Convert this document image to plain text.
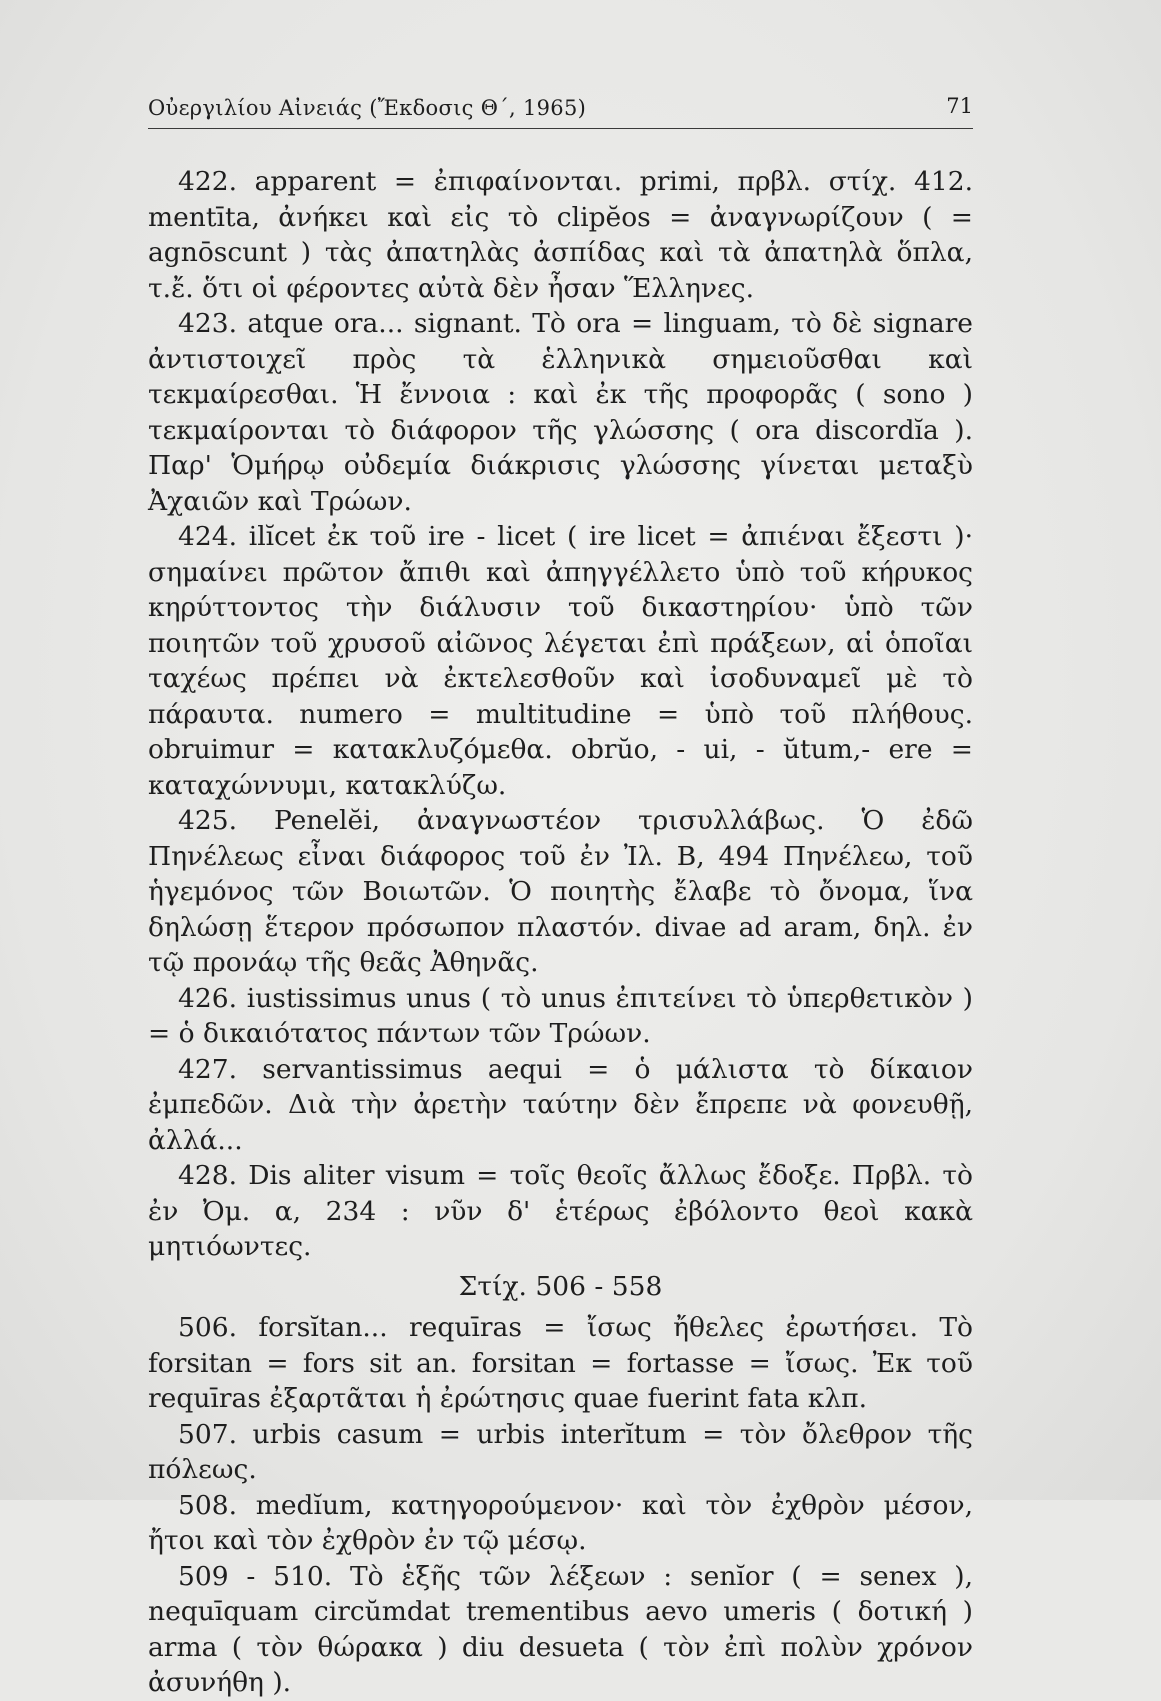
Οὐεργιλίου Αἰνειάς (Ἔκδοσις Θ΄, 1965)	71

422. apparent = ἐπιφαίνονται. primi, πρβλ. στίχ. 412. mentīta, ἀνήκει καὶ εἰς τὸ clipĕos = ἀναγνωρίζουν ( = agnōscunt ) τὰς ἀπατηλὰς ἀσπίδας καὶ τὰ ἀπατηλὰ ὅπλα, τ.ἔ. ὅτι οἱ φέροντες αὐτὰ δὲν ἦσαν Ἕλληνες.

423. atque ora... signant. Τὸ ora = linguam, τὸ δὲ signare ἀντιστοιχεῖ πρὸς τὰ ἑλληνικὰ σημειοῦσθαι καὶ τεκμαίρεσθαι. Ἡ ἔννοια : καὶ ἐκ τῆς προφορᾶς ( sono ) τεκμαίρονται τὸ διάφορον τῆς γλώσσης ( ora discordĭa ). Παρ' Ὁμήρῳ οὐδεμία διάκρισις γλώσσης γίνεται μεταξὺ Ἀχαιῶν καὶ Τρώων.

424. ilĭcet ἐκ τοῦ ire - licet ( ire licet = ἀπιέναι ἔξεστι )· σημαίνει πρῶτον ἄπιθι καὶ ἀπηγγέλλετο ὑπὸ τοῦ κήρυκος κηρύττοντος τὴν διάλυσιν τοῦ δικαστηρίου· ὑπὸ τῶν ποιητῶν τοῦ χρυσοῦ αἰῶνος λέγεται ἐπὶ πράξεων, αἱ ὁποῖαι ταχέως πρέπει νὰ ἐκτελεσθοῦν καὶ ἰσοδυναμεῖ μὲ τὸ πάραυτα. numero = multitudine = ὑπὸ τοῦ πλήθους. obruimur = κατακλυζόμεθα. obrŭo, - ui, - ŭtum,- ere = καταχώννυμι, κατακλύζω.

425. Penelĕi, ἀναγνωστέον τρισυλλάβως. Ὁ ἐδῶ Πηνέλεως εἶναι διάφορος τοῦ ἐν Ἰλ. Β, 494 Πηνέλεω, τοῦ ἡγεμόνος τῶν Βοιωτῶν. Ὁ ποιητὴς ἔλαβε τὸ ὄνομα, ἵνα δηλώσῃ ἕτερον πρόσωπον πλαστόν. divae ad aram, δηλ. ἐν τῷ προνάῳ τῆς θεᾶς Ἀθηνᾶς.

426. iustissimus unus ( τὸ unus ἐπιτείνει τὸ ὑπερθετικὸν ) = ὁ δικαιότατος πάντων τῶν Τρώων.

427. servantissimus aequi = ὁ μάλιστα τὸ δίκαιον ἐμπεδῶν. Διὰ τὴν ἀρετὴν ταύτην δὲν ἔπρεπε νὰ φονευθῇ, ἀλλά...

428. Dis aliter visum = τοῖς θεοῖς ἄλλως ἔδοξε. Πρβλ. τὸ ἐν Ὀμ. α, 234 : νῦν δ' ἑτέρως ἐβόλοντο θεοὶ κακὰ μητιόωντες.

Στίχ. 506 - 558

506. forsĭtan... requīras = ἴσως ἤθελες ἐρωτήσει. Τὸ forsitan = fors sit an. forsitan = fortasse = ἴσως. Ἐκ τοῦ requīras ἐξαρτᾶται ἡ ἐρώτησις quae fuerint fata κλπ.

507. urbis casum = urbis interĭtum = τὸν ὄλεθρον τῆς πόλεως.

508. medĭum, κατηγορούμενον· καὶ τὸν ἐχθρὸν μέσον, ἤτοι καὶ τὸν ἐχθρὸν ἐν τῷ μέσῳ.

509 - 510. Τὸ ἑξῆς τῶν λέξεων : senĭor ( = senex ), nequīquam circŭmdat trementibus aevo umeris ( δοτική ) arma ( τὸν θώρακα ) diu desueta ( τὸν ἐπὶ πολὺν χρόνον ἀσυνήθη ).
